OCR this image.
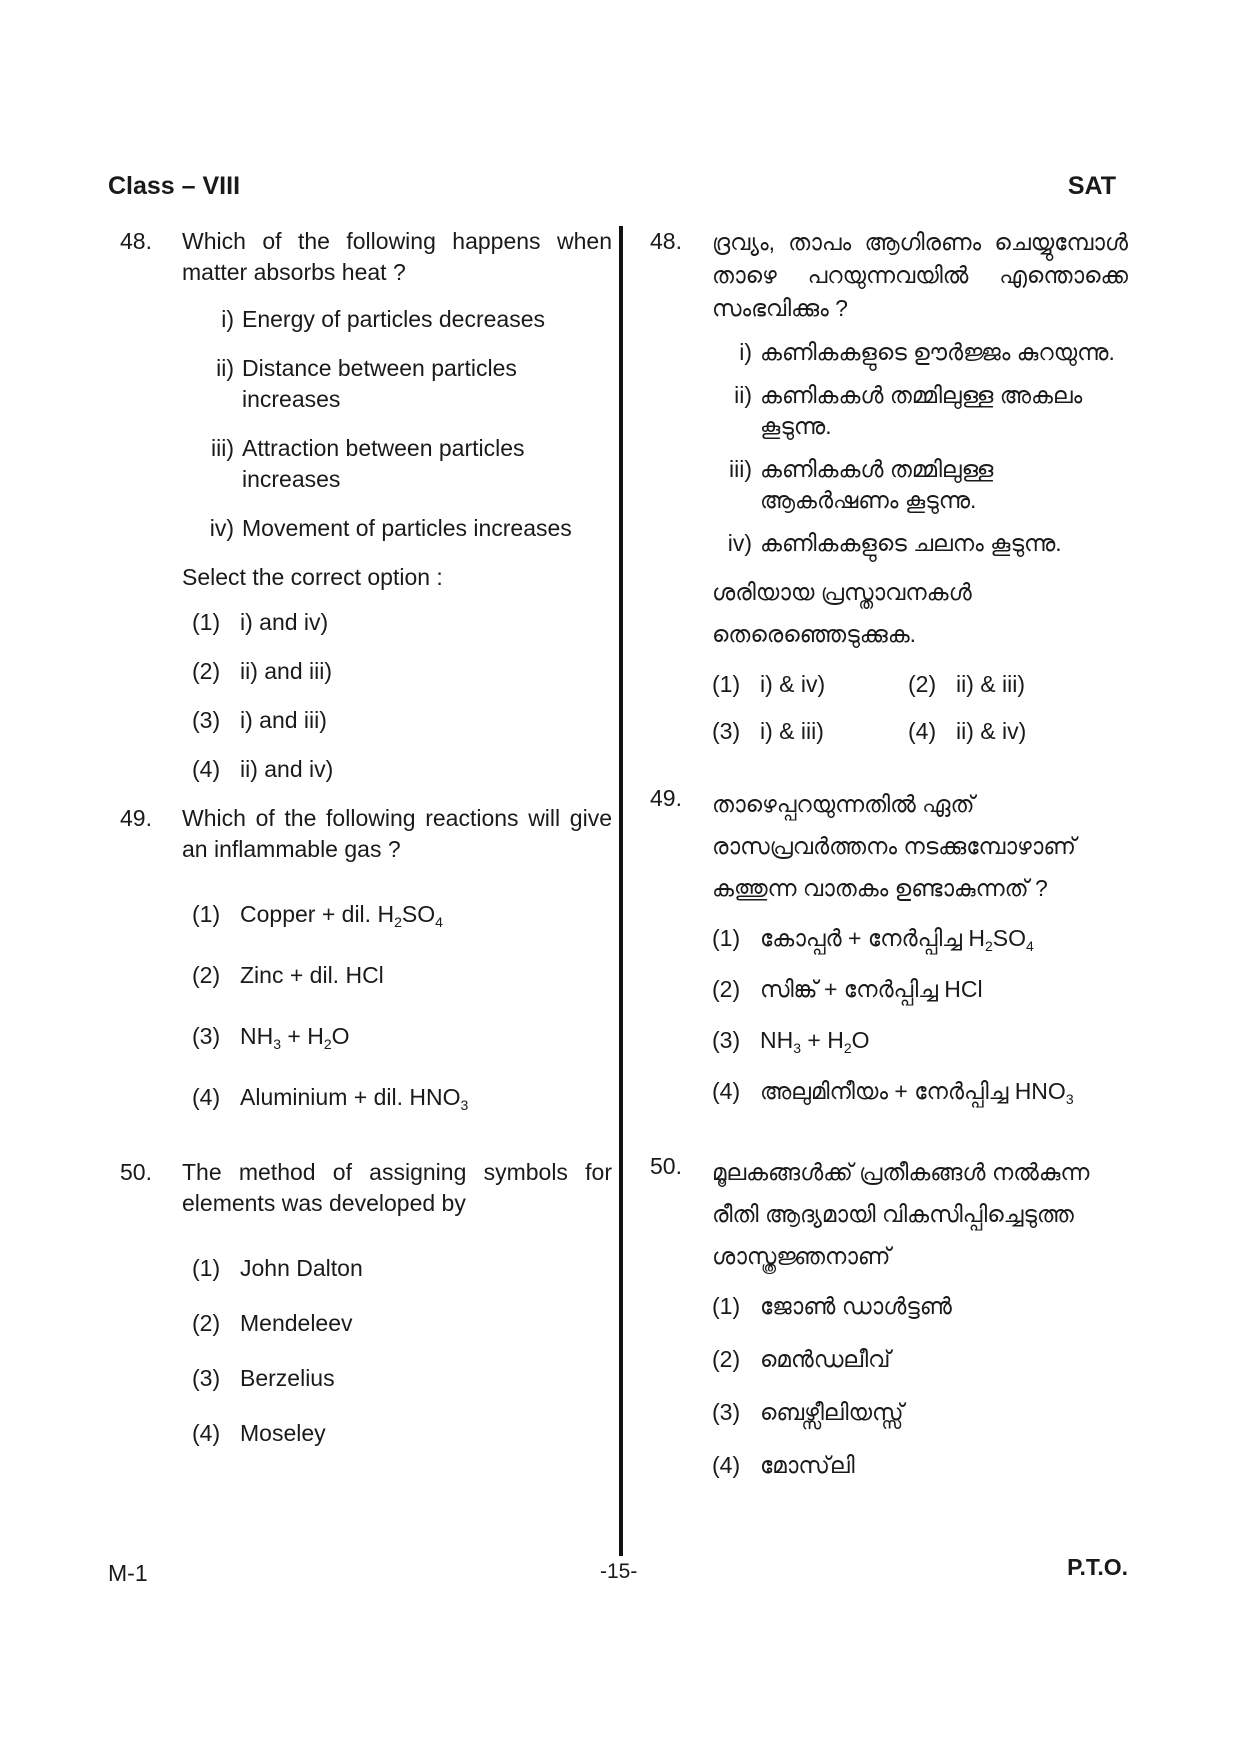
Class – VIII	SAT
48. Which of the following happens when matter absorbs heat ?
i) Energy of particles decreases
ii) Distance between particles increases
iii) Attraction between particles increases
iv) Movement of particles increases
Select the correct option :
(1) i) and iv)
(2) ii) and iii)
(3) i) and iii)
(4) ii) and iv)
49. Which of the following reactions will give an inflammable gas ?
(1) Copper + dil. $H_2SO_4$
(2) Zinc + dil. HCl
(3) $NH_3 + H_2O$
(4) Aluminium + dil. $HNO_3$
50. The method of assigning symbols for elements was developed by
(1) John Dalton
(2) Mendeleev
(3) Berzelius
(4) Moseley
48. ദ്രവ്യം, താപം ആഗിരണം ചെയ്യുമ്പോൾ താഴെ പറയുന്നവയിൽ എന്തൊക്കെ സംഭവിക്കും ?
i) കണികകളുടെ ഊർജ്ജം കുറയുന്നു.
ii) കണികകൾ തമ്മിലുള്ള അകലം കൂടുന്നു.
iii) കണികകൾ തമ്മിലുള്ള ആകർഷണം കൂടുന്നു.
iv) കണികകളുടെ ചലനം കൂടുന്നു.
ശരിയായ പ്രസ്താവനകൾ തെരെഞ്ഞെടുക്കുക.
(1) i) & iv)	(2) ii) & iii)
(3) i) & iii)	(4) ii) & iv)
49. താഴെപ്പറയുന്നതിൽ ഏത് രാസപ്രവർത്തനം നടക്കുമ്പോഴാണ് കത്തുന്ന വാതകം ഉണ്ടാകുന്നത് ?
(1) കോപ്പർ + നേർപ്പിച്ച $H_2SO_4$
(2) സിങ്ക് + നേർപ്പിച്ച HCl
(3) $NH_3 + H_2O$
(4) അലുമിനീയം + നേർപ്പിച്ച $HNO_3$
50. മൂലകങ്ങൾക്ക് പ്രതീകങ്ങൾ നൽകുന്ന രീതി ആദ്യമായി വികസിപ്പിച്ചെടുത്ത ശാസ്ത്രജ്ഞനാണ്
(1) ജോൺ ഡാൾട്ടൺ
(2) മെൻഡലീവ്
(3) ബെഴ്സീലിയസ്സ്
(4) മോസ്‌ലി
M-1	-15-	P.T.O.
